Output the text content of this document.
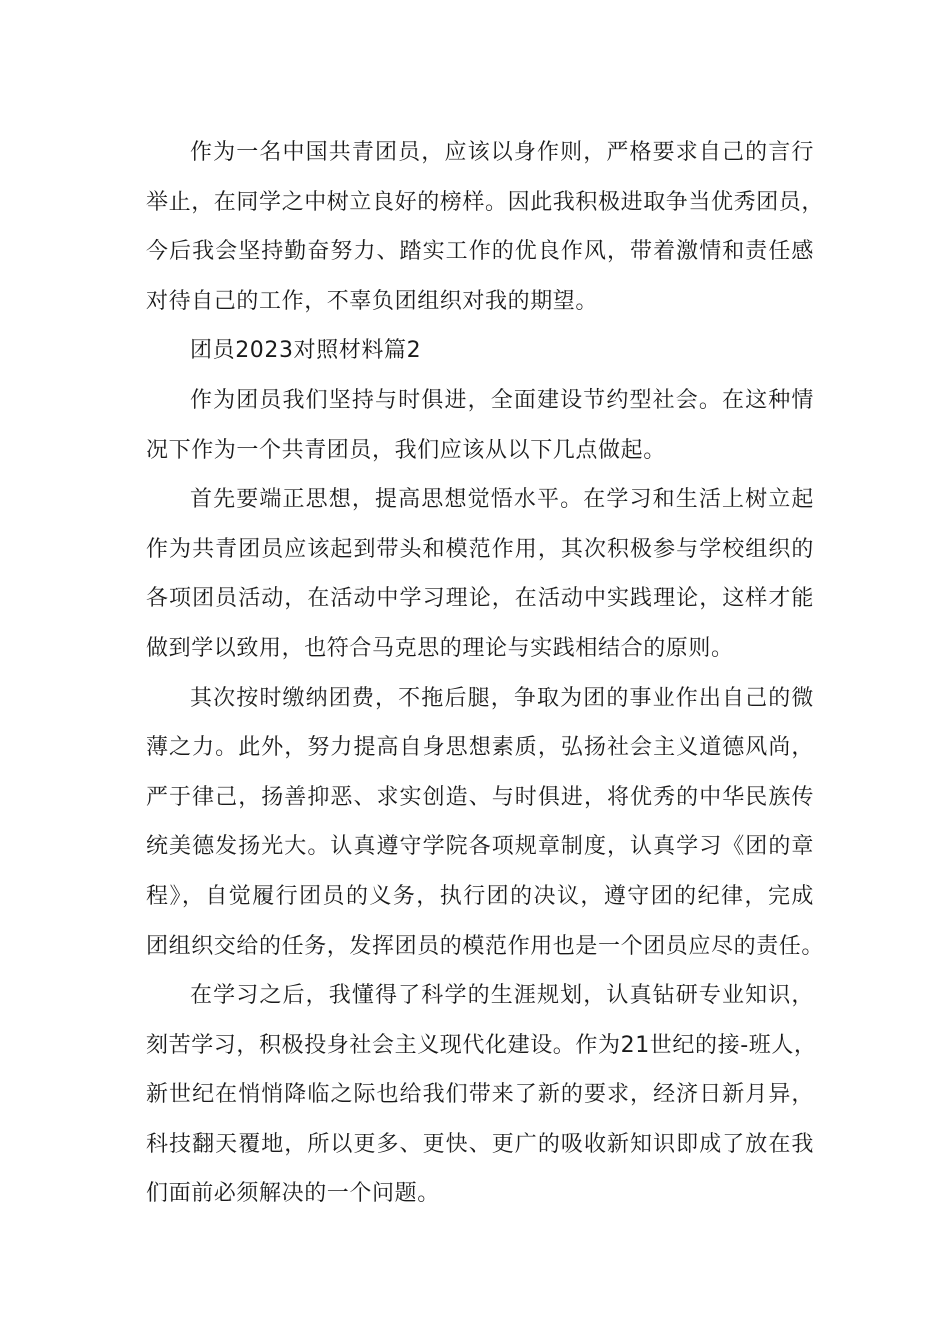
作为一名中国共青团员，应该以身作则，严格要求自己的言行
举止，在同学之中树立良好的榜样。因此我积极进取争当优秀团员，
今后我会坚持勤奋努力、踏实工作的优良作风，带着激情和责任感
对待自己的工作，不辜负团组织对我的期望。
团员2023对照材料篇2
作为团员我们坚持与时俱进，全面建设节约型社会。在这种情
况下作为一个共青团员，我们应该从以下几点做起。
首先要端正思想，提高思想觉悟水平。在学习和生活上树立起
作为共青团员应该起到带头和模范作用，其次积极参与学校组织的
各项团员活动，在活动中学习理论，在活动中实践理论，这样才能
做到学以致用，也符合马克思的理论与实践相结合的原则。
其次按时缴纳团费，不拖后腿，争取为团的事业作出自己的微
薄之力。此外，努力提高自身思想素质，弘扬社会主义道德风尚，
严于律己，扬善抑恶、求实创造、与时俱进，将优秀的中华民族传
统美德发扬光大。认真遵守学院各项规章制度，认真学习《团的章
程》，自觉履行团员的义务，执行团的决议，遵守团的纪律，完成
团组织交给的任务，发挥团员的模范作用也是一个团员应尽的责任。
在学习之后，我懂得了科学的生涯规划，认真钻研专业知识，
刻苦学习，积极投身社会主义现代化建设。作为21世纪的接-班人，
新世纪在悄悄降临之际也给我们带来了新的要求，经济日新月异，
科技翻天覆地，所以更多、更快、更广的吸收新知识即成了放在我
们面前必须解决的一个问题。
